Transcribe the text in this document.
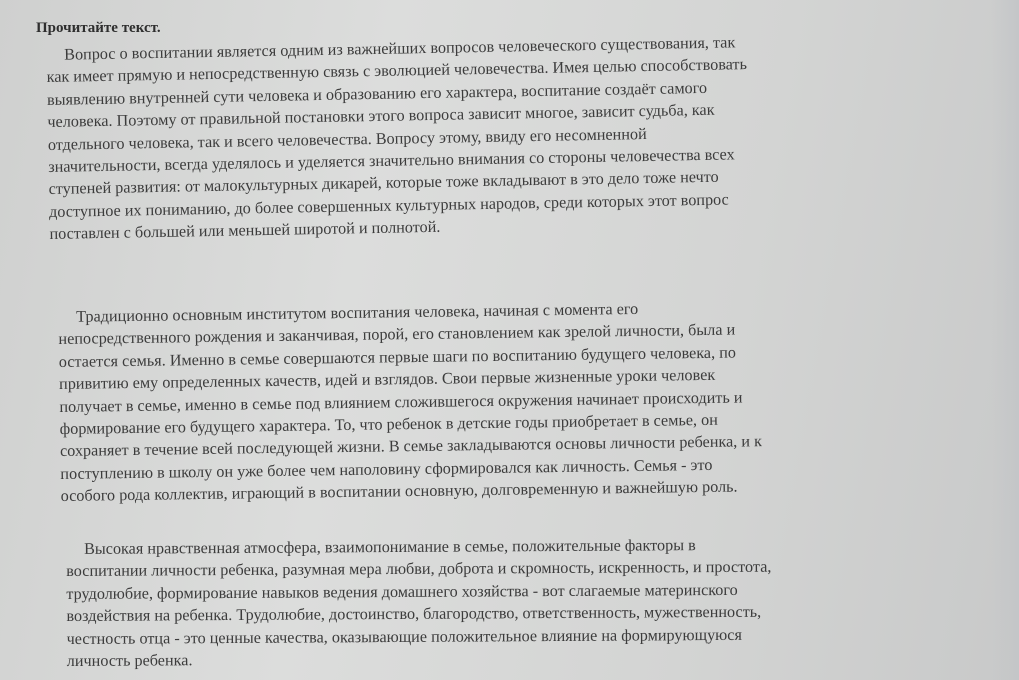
Прочитайте текст.
Вопрос о воспитании является одним из важнейших вопросов человеческого существования, так
как имеет прямую и непосредственную связь с эволюцией человечества. Имея целью способствовать
выявлению внутренней сути человека и образованию его характера, воспитание создаёт самого
человека. Поэтому от правильной постановки этого вопроса зависит многое, зависит судьба, как
отдельного человека, так и всего человечества. Вопросу этому, ввиду его несомненной
значительности, всегда уделялось и уделяется значительно внимания со стороны человечества всех
ступеней развития: от малокультурных дикарей, которые тоже вкладывают в это дело тоже нечто
доступное их пониманию, до более совершенных культурных народов, среди которых этот вопрос
поставлен с большей или меньшей широтой и полнотой.
Традиционно основным институтом воспитания человека, начиная с момента его
непосредственного рождения и заканчивая, порой, его становлением как зрелой личности, была и
остается семья. Именно в семье совершаются первые шаги по воспитанию будущего человека, по
привитию ему определенных качеств, идей и взглядов. Свои первые жизненные уроки человек
получает в семье, именно в семье под влиянием сложившегося окружения начинает происходить и
формирование его будущего характера. То, что ребенок в детские годы приобретает в семье, он
сохраняет в течение всей последующей жизни. В семье закладываются основы личности ребенка, и к
поступлению в школу он уже более чем наполовину сформировался как личность. Семья - это
особого рода коллектив, играющий в воспитании основную, долговременную и важнейшую роль.
Высокая нравственная атмосфера, взаимопонимание в семье, положительные факторы в
воспитании личности ребенка, разумная мера любви, доброта и скромность, искренность, и простота,
трудолюбие, формирование навыков ведения домашнего хозяйства - вот слагаемые материнского
воздействия на ребенка. Трудолюбие, достоинство, благородство, ответственность, мужественность,
честность отца - это ценные качества, оказывающие положительное влияние на формирующуюся
личность ребенка.
